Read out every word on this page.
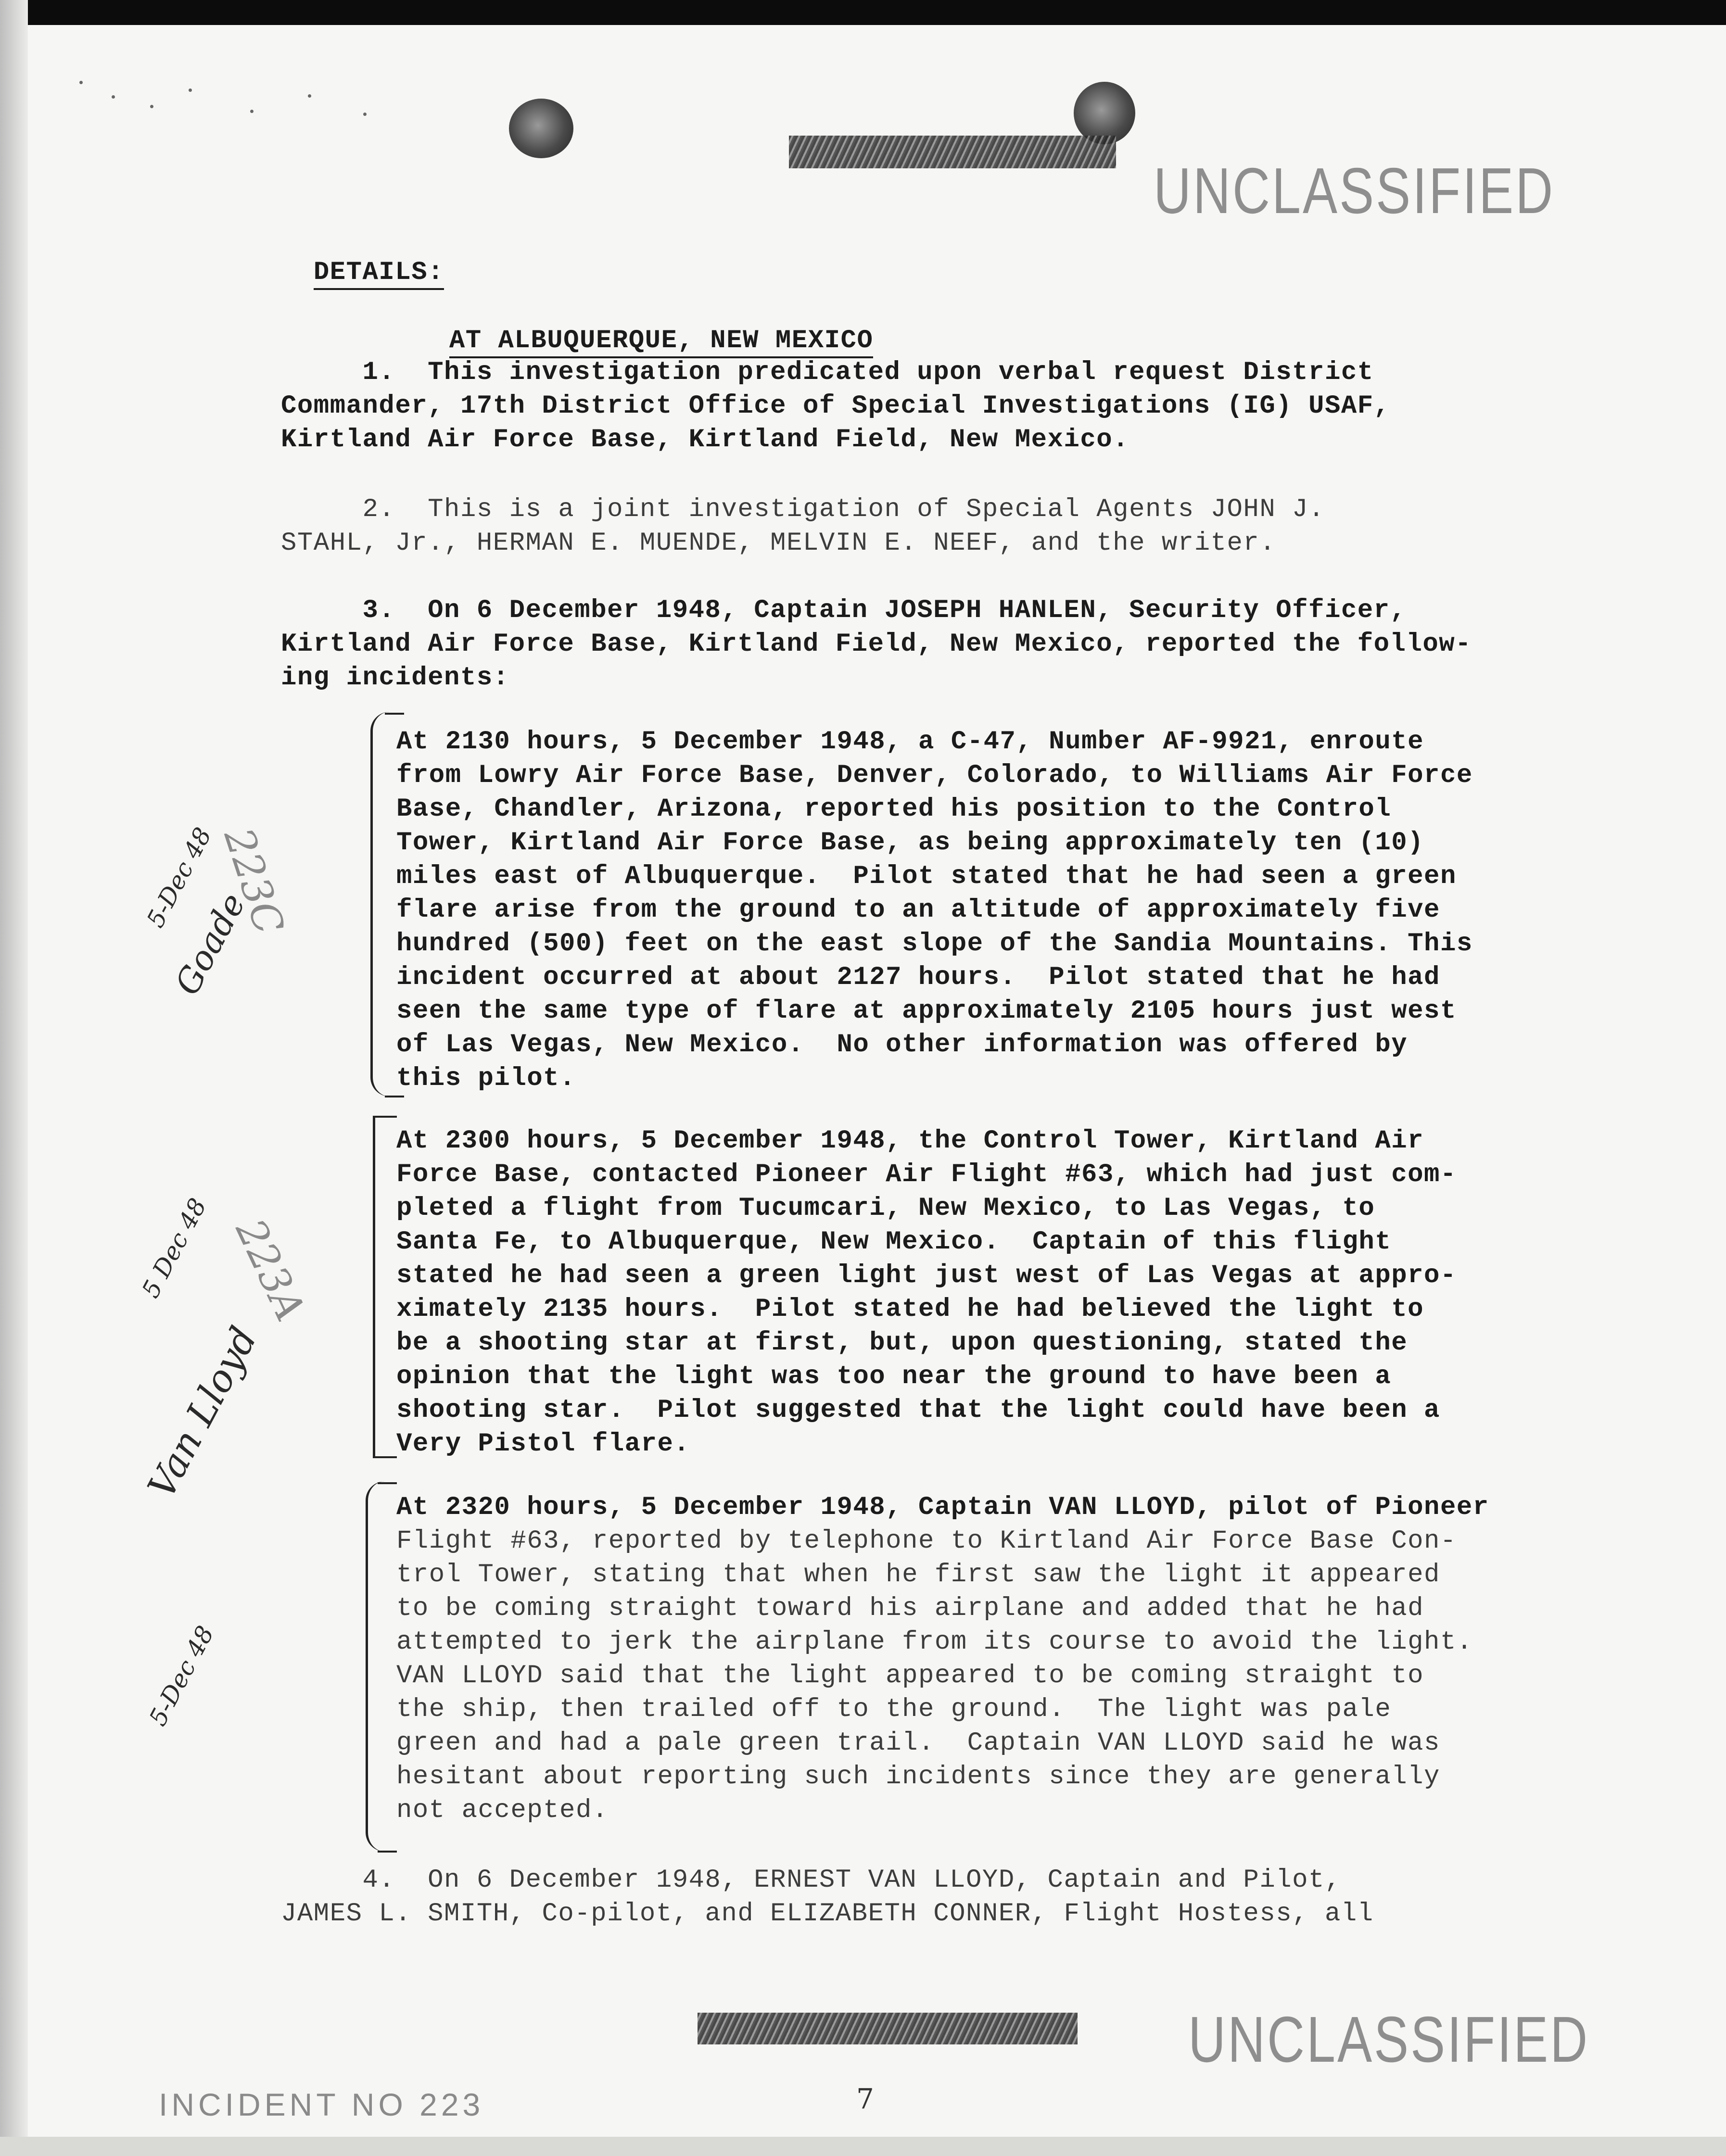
UNCLASSIFIED

DETAILS:

AT ALBUQUERQUE, NEW MEXICO

1.  This investigation predicated upon verbal request District
Commander, 17th District Office of Special Investigations (IG) USAF,
Kirtland Air Force Base, Kirtland Field, New Mexico.
2.  This is a joint investigation of Special Agents JOHN J.
STAHL, Jr., HERMAN E. MUENDE, MELVIN E. NEEF, and the writer.
3.  On 6 December 1948, Captain JOSEPH HANLEN, Security Officer,
Kirtland Air Force Base, Kirtland Field, New Mexico, reported the follow-
ing incidents:
At 2130 hours, 5 December 1948, a C-47, Number AF-9921, enroute
from Lowry Air Force Base, Denver, Colorado, to Williams Air Force
Base, Chandler, Arizona, reported his position to the Control
Tower, Kirtland Air Force Base, as being approximately ten (10)
miles east of Albuquerque.  Pilot stated that he had seen a green
flare arise from the ground to an altitude of approximately five
hundred (500) feet on the east slope of the Sandia Mountains. This
incident occurred at about 2127 hours.  Pilot stated that he had
seen the same type of flare at approximately 2105 hours just west
of Las Vegas, New Mexico.  No other information was offered by
this pilot.
5-Dec 48
Goade
223C
At 2300 hours, 5 December 1948, the Control Tower, Kirtland Air
Force Base, contacted Pioneer Air Flight #63, which had just com-
pleted a flight from Tucumcari, New Mexico, to Las Vegas, to
Santa Fe, to Albuquerque, New Mexico.  Captain of this flight
stated he had seen a green light just west of Las Vegas at appro-
ximately 2135 hours.  Pilot stated he had believed the light to
be a shooting star at first, but, upon questioning, stated the
opinion that the light was too near the ground to have been a
shooting star.  Pilot suggested that the light could have been a
Very Pistol flare.
5 Dec 48
Van Lloyd
223A
At 2320 hours, 5 December 1948, Captain VAN LLOYD, pilot of Pioneer
Flight #63, reported by telephone to Kirtland Air Force Base Con-
trol Tower, stating that when he first saw the light it appeared
to be coming straight toward his airplane and added that he had
attempted to jerk the airplane from its course to avoid the light.
VAN LLOYD said that the light appeared to be coming straight to
the ship, then trailed off to the ground.  The light was pale
green and had a pale green trail.  Captain VAN LLOYD said he was
hesitant about reporting such incidents since they are generally
not accepted.
5-Dec 48
4.  On 6 December 1948, ERNEST VAN LLOYD, Captain and Pilot,
JAMES L. SMITH, Co-pilot, and ELIZABETH CONNER, Flight Hostess, all
UNCLASSIFIED
INCIDENT NO 223	7
